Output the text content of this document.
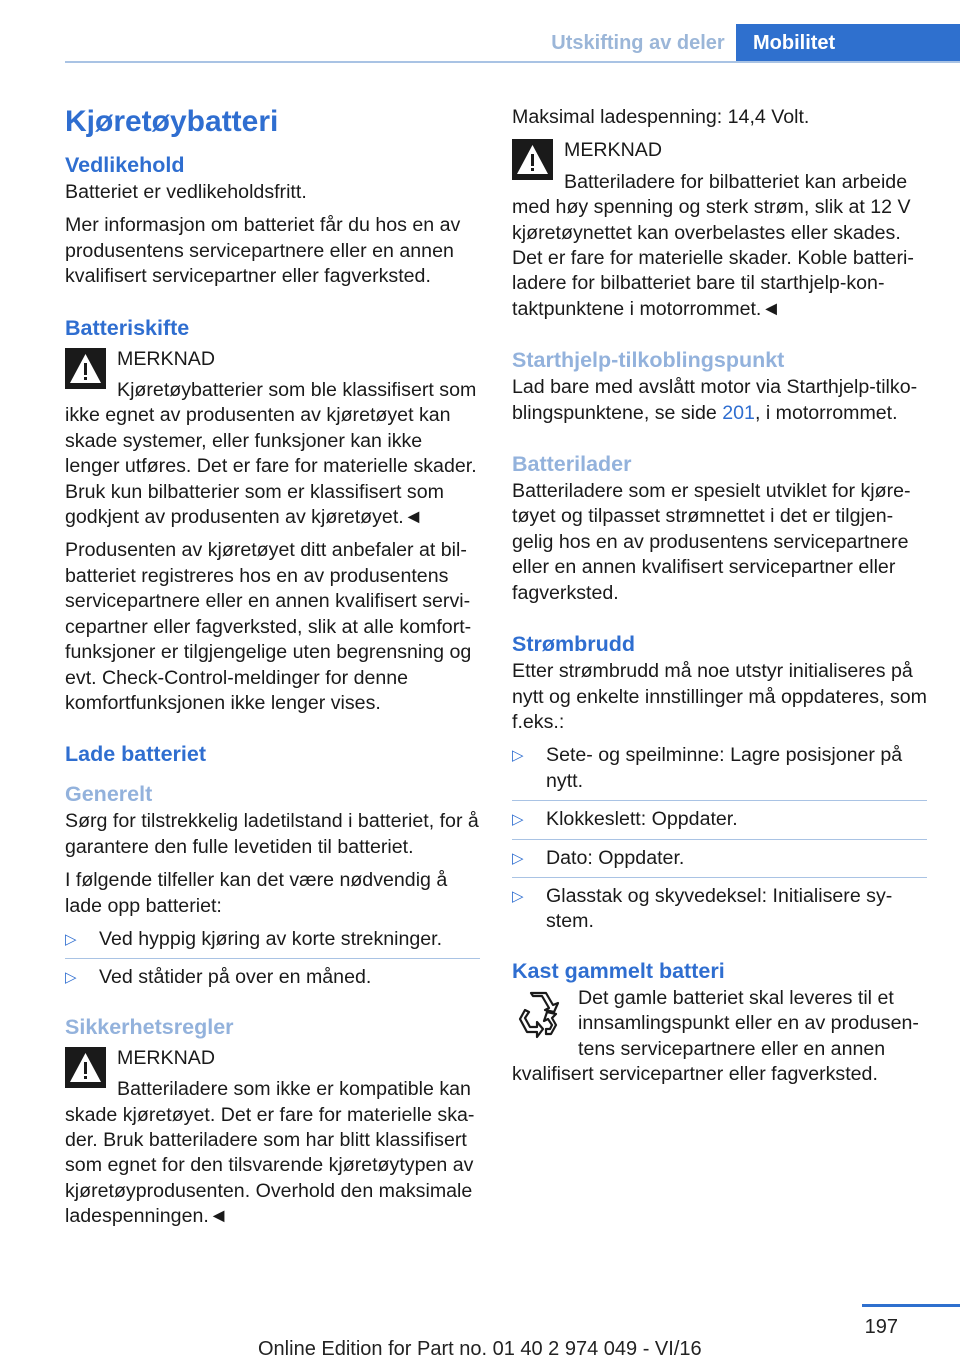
Utskifting av deler	Mobilitet
Kjøretøybatteri
Vedlikehold

Batteriet er vedlikeholdsfritt.

Mer informasjon om batteriet får du hos en av produsentens servicepartnere eller en annen kvalifisert servicepartner eller fagverksted.

Batteriskifte

MERKNAD

Kjøretøybatterier som ble klassifisert som ikke egnet av produsenten av kjøretøyet kan skade systemer, eller funksjoner kan ikke lenger utføres. Det er fare for materielle skader. Bruk kun bilbatterier som er klassifisert som godkjent av produsenten av kjøretøyet.◄

Produsenten av kjøretøyet ditt anbefaler at bil-batteriet registreres hos en av produsentens servicepartnere eller en annen kvalifisert servi-cepartner eller fagverksted, slik at alle komfort-funksjoner er tilgjengelige uten begrensning og evt. Check-Control-meldinger for denne komfortfunksjonen ikke lenger vises.

Lade batteriet
Generelt

Sørg for tilstrekkelig ladetilstand i batteriet, for å garantere den fulle levetiden til batteriet.

I følgende tilfeller kan det være nødvendig å lade opp batteriet:

▷ Ved hyppig kjøring av korte strekninger.
▷ Ved ståtider på over en måned.
Sikkerhetsregler

MERKNAD

Batteriladere som ikke er kompatible kan skade kjøretøyet. Det er fare for materielle ska-der. Bruk batteriladere som har blitt klassifisert som egnet for den tilsvarende kjøretøytypen av kjøretøyprodusenten. Overhold den maksimale ladespenningen.◄

Maksimal ladespenning: 14,4 Volt.

MERKNAD

Batteriladere for bilbatteriet kan arbeide med høy spenning og sterk strøm, slik at 12 V kjøretøynettet kan overbelastes eller skades. Det er fare for materielle skader. Koble batteri-ladere for bilbatteriet bare til starthjelp-kon-taktpunktene i motorrommet.◄

Starthjelp-tilkoblingspunkt

Lad bare med avslått motor via Starthjelp-tilko-blingspunktene, se side 201, i motorrommet.

Batterilader

Batteriladere som er spesielt utviklet for kjøre-tøyet og tilpasset strømnettet i det er tilgjen-gelig hos en av produsentens servicepartnere eller en annen kvalifisert servicepartner eller fagverksted.

Strømbrudd

Etter strømbrudd må noe utstyr initialiseres på nytt og enkelte innstillinger må oppdateres, som f.eks.:

▷ Sete- og speilminne: Lagre posisjoner på nytt.
▷ Klokkeslett: Oppdater.
▷ Dato: Oppdater.
▷ Glasstak og skyvedeksel: Initialisere sy-stem.
Kast gammelt batteri

Det gamle batteriet skal leveres til et innsamlingspunkt eller en av produsen-tens servicepartnere eller en annen kvalifisert servicepartner eller fagverksted.

197
Online Edition for Part no. 01 40 2 974 049 - VI/16
